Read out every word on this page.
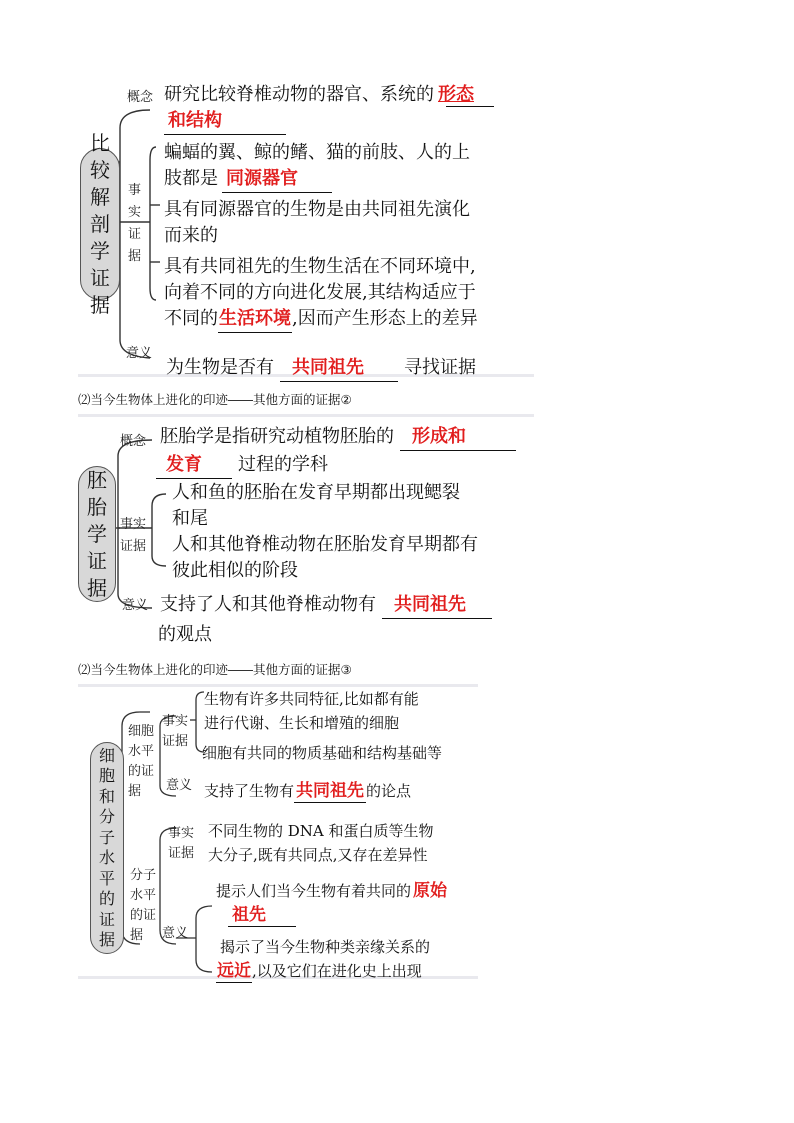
比
较
解
剖
学
证
据
概念 研究比较脊椎动物的器官、系统的 形态
和结构
事
实
证
据
蝙蝠的翼、鲸的鳍、猫的前肢、人的上
肢都是 同源器官
具有同源器官的生物是由共同祖先演化
而来的
具有共同祖先的生物生活在不同环境中,
向着不同的方向进化发展,其结构适应于
不同的生活环境,因而产生形态上的差异
意义
为生物是否有 共同祖先 寻找证据
⑵当今生物体上进化的印迹——其他方面的证据②
胚
胎
学
证
据
概念 胚胎学是指研究动植物胚胎的 形成和
发育 过程的学科
事实
证据
人和鱼的胚胎在发育早期都出现鳃裂
和尾
人和其他脊椎动物在胚胎发育早期都有
彼此相似的阶段
意义 支持了人和其他脊椎动物有 共同祖先
的观点
⑵当今生物体上进化的印迹——其他方面的证据③
细
胞
和
分
子
水
平
的
证
据
细胞
水平
的证
据
事实
证据
生物有许多共同特征,比如都有能
进行代谢、生长和增殖的细胞
细胞有共同的物质基础和结构基础等
意义 支持了生物有 共同祖先 的论点
分子
水平
的证
据
事实
证据
不同生物的 DNA 和蛋白质等生物
大分子,既有共同点,又存在差异性
意义
提示人们当今生物有着共同的 原始
祖先
揭示了当今生物种类亲缘关系的
远近,以及它们在进化史上出现
